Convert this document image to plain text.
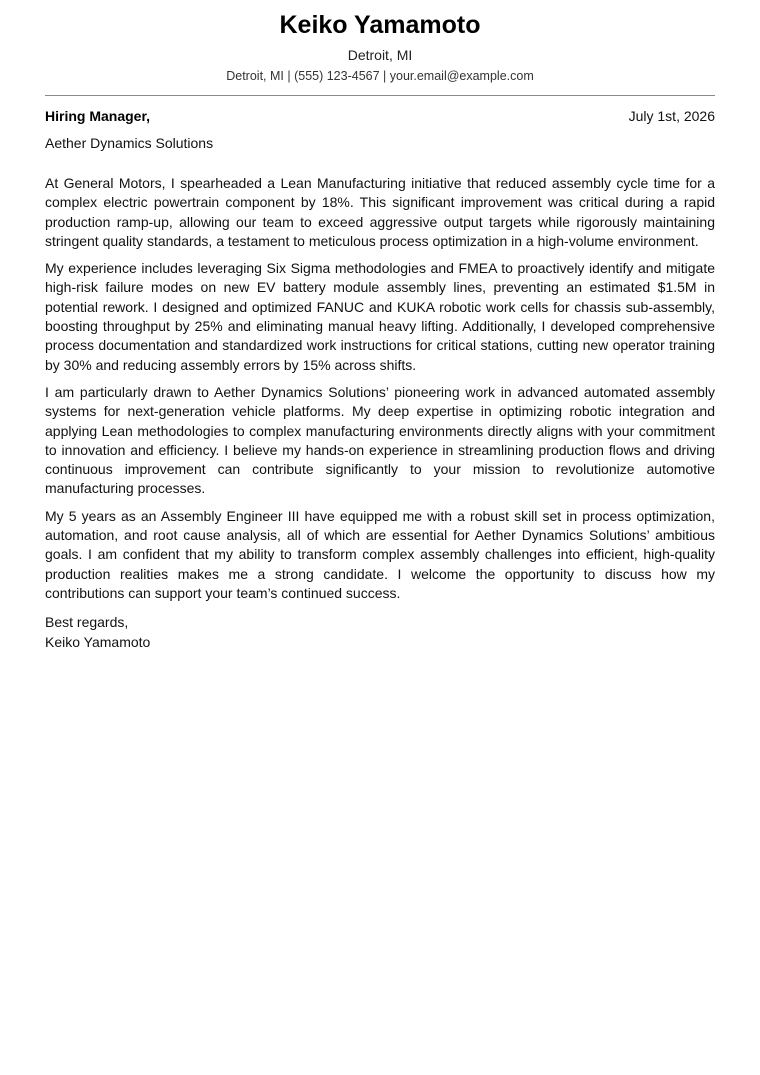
Keiko Yamamoto
Detroit, MI
Detroit, MI | (555) 123-4567 | your.email@example.com
Hiring Manager,	July 1st, 2026
Aether Dynamics Solutions

At General Motors, I spearheaded a Lean Manufacturing initiative that reduced assembly cycle time for a complex electric powertrain component by 18%. This significant improvement was critical during a rapid production ramp-up, allowing our team to exceed aggressive output targets while rigorously maintaining stringent quality standards, a testament to meticulous process optimization in a high-volume environment.

My experience includes leveraging Six Sigma methodologies and FMEA to proactively identify and mitigate high-risk failure modes on new EV battery module assembly lines, preventing an estimated $1.5M in potential rework. I designed and optimized FANUC and KUKA robotic work cells for chassis sub-assembly, boosting throughput by 25% and eliminating manual heavy lifting. Additionally, I developed comprehensive process documentation and standardized work instructions for critical stations, cutting new operator training by 30% and reducing assembly errors by 15% across shifts.

I am particularly drawn to Aether Dynamics Solutions’ pioneering work in advanced automated assembly systems for next-generation vehicle platforms. My deep expertise in optimizing robotic integration and applying Lean methodologies to complex manufacturing environments directly aligns with your commitment to innovation and efficiency. I believe my hands-on experience in streamlining production flows and driving continuous improvement can contribute significantly to your mission to revolutionize automotive manufacturing processes.

My 5 years as an Assembly Engineer III have equipped me with a robust skill set in process optimization, automation, and root cause analysis, all of which are essential for Aether Dynamics Solutions’ ambitious goals. I am confident that my ability to transform complex assembly challenges into efficient, high-quality production realities makes me a strong candidate. I welcome the opportunity to discuss how my contributions can support your team’s continued success.

Best regards,
Keiko Yamamoto
